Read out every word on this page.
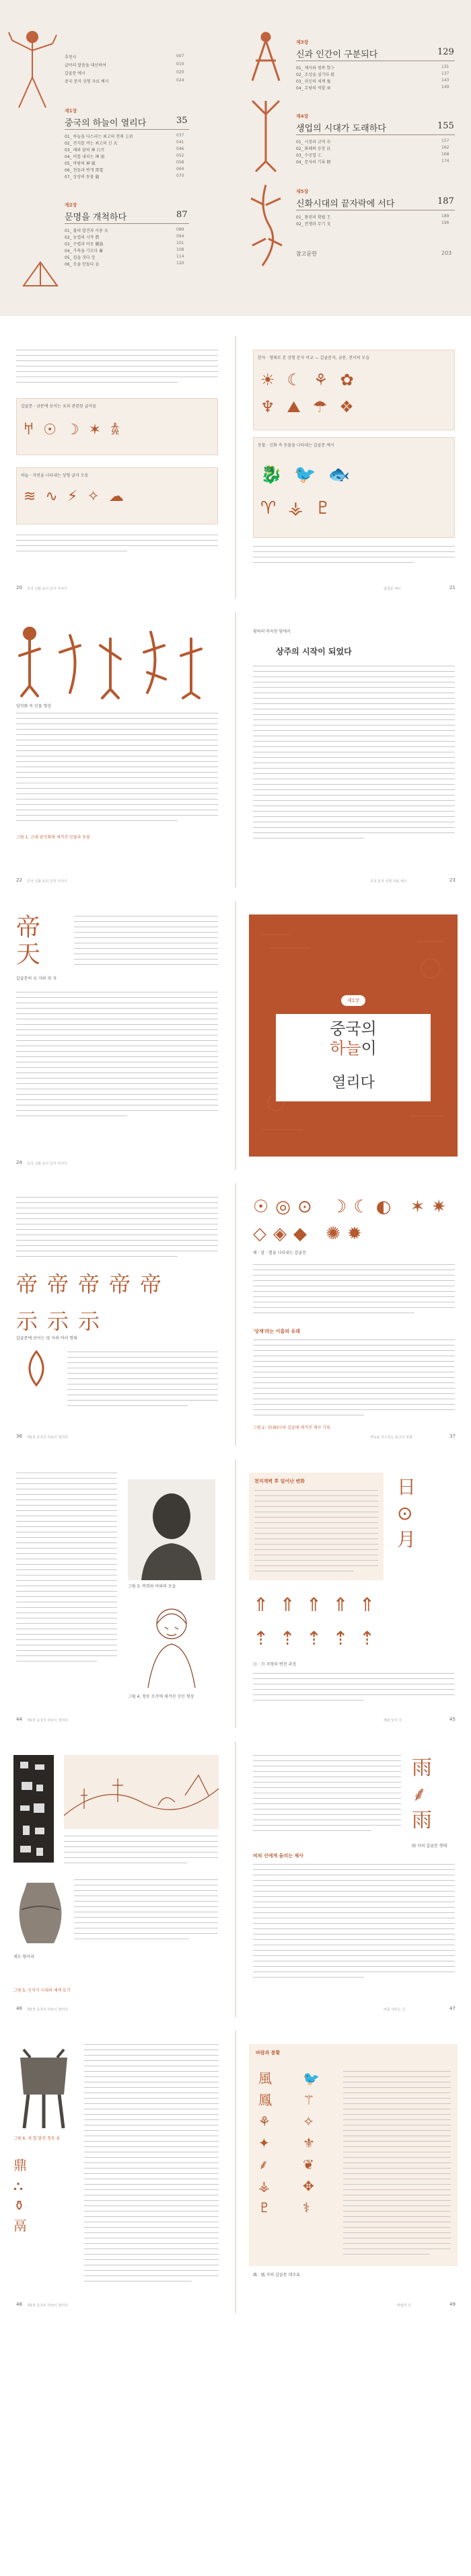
추천사	007
글머리 말씀을 대신하여	010
갑골문 예시	020
중국 문자 상형 자료 예시	024
제1장
중국의 하늘이 열리다	35
01_ 하늘을 다스리는 최고의 천제 上帝	037
02_ 천지를 여는 최고의 신 天	041
03_ 해와 달의 神 日月	046
04_ 비를 내리는 神 雨	052
05_ 바람의 神 風	058
06_ 천둥과 번개 雷電	064
07_ 상상의 동물 龍	070
제2장
문명을 개척하다	87
01_ 불의 발견과 사용 火	089
02_ 농업의 시작 農	094
03_ 수렵과 어로 獵漁	101
04_ 가축을 기르다 畜	108
05_ 집을 짓다 宅	114
06_ 옷을 만들다 衣	120
제3장
신과 인간이 구분되다	129
01_ 제사와 점복 祭卜	131
02_ 조상을 섬기다 祖	137
03_ 귀신의 세계 鬼	143
04_ 무당의 역할 巫	149
제4장
생업의 시대가 도래하다	155
01_ 시장과 교역 市	157
02_ 화폐의 등장 貝	162
03_ 수공업 工	168
04_ 문자의 기록 冊	174
제5장
신화시대의 끝자락에 서다	187
01_ 왕권의 확립 王	189
02_ 전쟁과 무기 戈	196
참고문헌	203
갑골문 · 금문에 보이는 天과 관련된 글자들
𐀀☉☽✶𖠋
하늘 · 자연을 나타내는 상형 글자 모음
≋∿⚡✧☁
20 중국 신화 속의 글자 이야기
한자 · 형태로 본 상형 문자 비교 — 갑골문자, 금문, 전서의 모습
☀☾⚘✿
♆⛰☂❖
동물 · 신화 속 동물을 나타내는 갑골문 예시
🐉🐦🐟
♈⚶♇
21
갑골문 예시
암각화 속 인물 형상
그림 1. 고대 암각화에 새겨진 인물과 동물
22 중국 신화 속의 글자 이야기
황하의 비옥한 땅에서
상주의 시작이 되었다
23
중국 문자 상형 자료 예시
帝
天
갑골문의 天 자와 帝 자
24 중국 신화 속의 글자 이야기
제1장
중국의
하늘이
열리다
帝帝帝帝帝
示示示
갑골문에 보이는 帝 자의 여러 형태
36 제1장 중국의 하늘이 열리다
☉◎⊙ ☽☾◐ ✶✷
◇◈◆ ✺✹
해 · 달 · 별을 나타내는 갑골문
'상제'라는 이름의 유래
그림 2. 상(商)나라 갑골에 새겨진 제사 기록
37
하늘을 다스리는 최고의 천제
그림 3. 복희와 여와의 모습
그림 4. 청동 조각에 새겨진 신인 형상
44 제1장 중국의 하늘이 열리다
천지개벽 후 일어난 변화	日
⊙
月
⇑⇑⇑⇑⇑
⇡⇡⇡⇡⇡
日 · 月 자형의 변천 과정
45
해와 달의 신
채도 항아리
그림 5. 신석기 시대의 채색 토기
46 제1장 중국의 하늘이 열리다
雨
⸙
雨
雨 자의 갑골문 형태
비의 신에게 올리는 제사
47
비를 내리는 신
그림 6. 세 발 달린 청동 솥
鼎
⛬
⚱
鬲
48 제1장 중국의 하늘이 열리다
바람과 봉황
風
鳳
⚘
✦
⸙
⚶
♇
🐦
⚚
✧
⚜
❦
✥
⚕
風 · 鳳 자의 갑골문 대조표
49
바람의 신
